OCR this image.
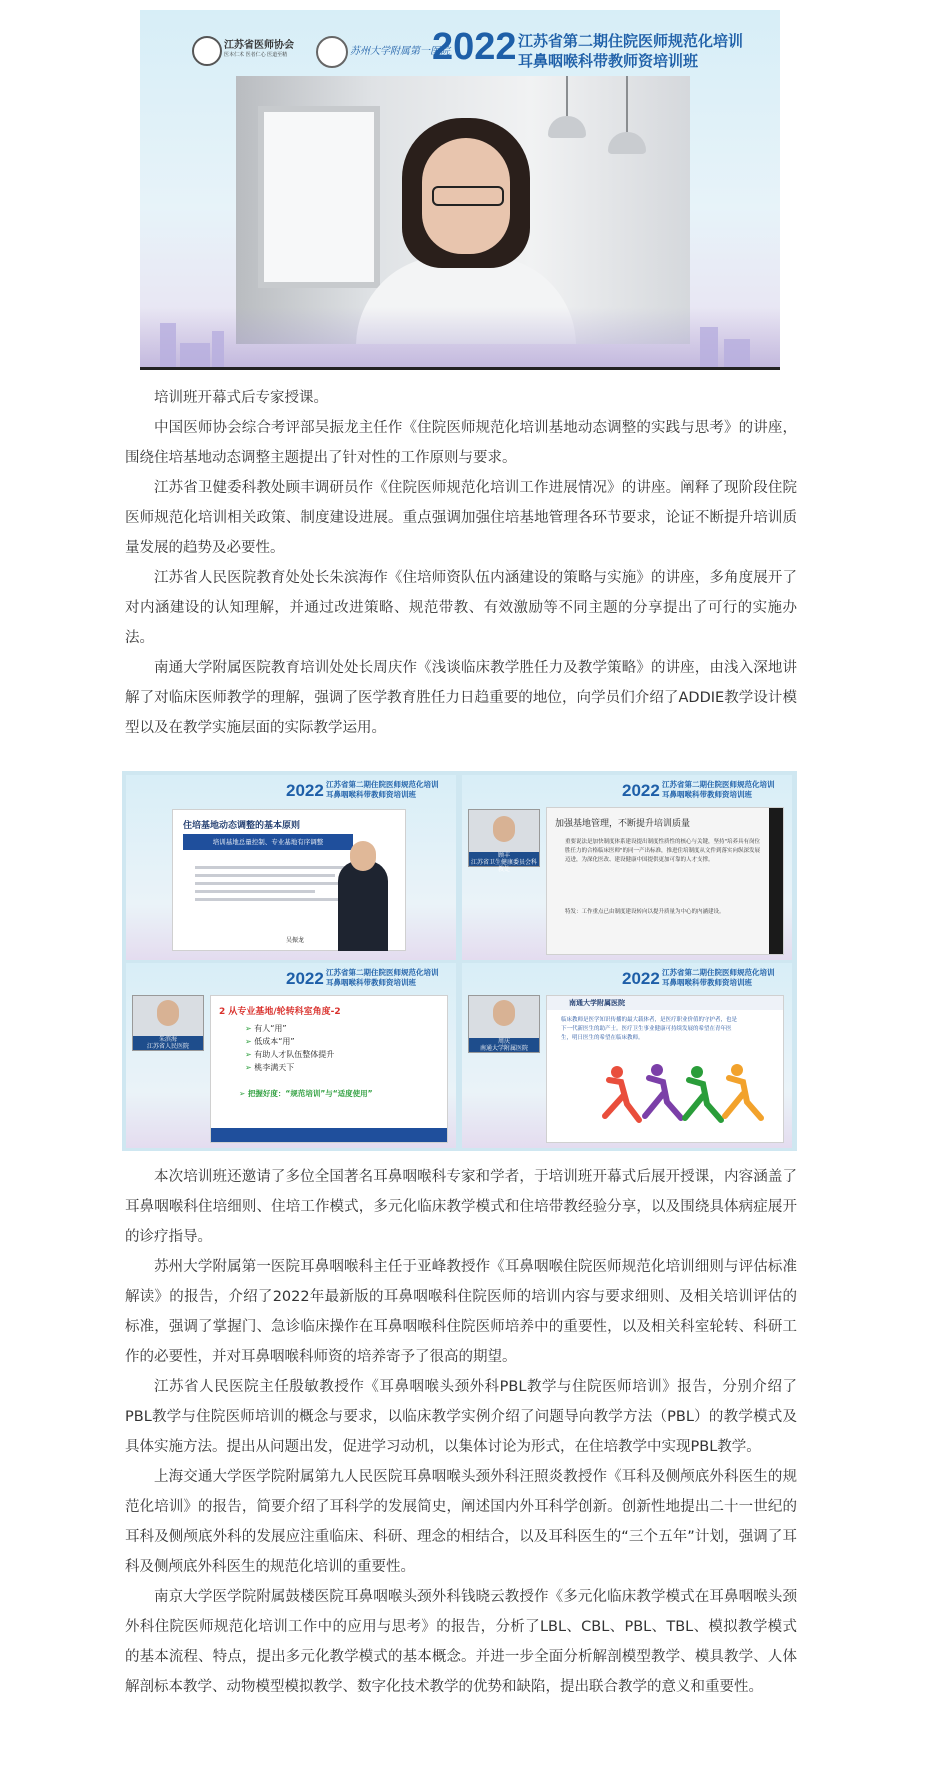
江苏省医师协会
医本仁术 医者仁心 医道至精	苏州大学附属第一医院
2022 江苏省第二期住院医师规范化培训
耳鼻咽喉科带教师资培训班

培训班开幕式后专家授课。

中国医师协会综合考评部吴振龙主任作《住院医师规范化培训基地动态调整的实践与思考》的讲座，围绕住培基地动态调整主题提出了针对性的工作原则与要求。

江苏省卫健委科教处顾丰调研员作《住院医师规范化培训工作进展情况》的讲座。阐释了现阶段住院医师规范化培训相关政策、制度建设进展。重点强调加强住培基地管理各环节要求，论证不断提升培训质量发展的趋势及必要性。

江苏省人民医院教育处处长朱滨海作《住培师资队伍内涵建设的策略与实施》的讲座，多角度展开了对内涵建设的认知理解，并通过改进策略、规范带教、有效激励等不同主题的分享提出了可行的实施办法。

南通大学附属医院教育培训处处长周庆作《浅谈临床教学胜任力及教学策略》的讲座，由浅入深地讲解了对临床医师教学的理解，强调了医学教育胜任力日趋重要的地位，向学员们介绍了ADDIE教学设计模型以及在教学实施层面的实际教学运用。

2022 江苏省第二期住院医师规范化培训
耳鼻咽喉科带教师资培训班
住培基地动态调整的基本原则
培训基地总量控制、专业基地有序调整
吴振龙
2022 江苏省第二期住院医师规范化培训
耳鼻咽喉科带教师资培训班
顾丰
江苏省卫生健康委员会科教处
加强基地管理，不断提升培训质量
重要说法是加快制度体系建设提出制度性质性的核心与关键，坚持"培养具有岗位胜任力的合格临床医师"的同一产出标准，推进住培制度从文件到落实向纵深发展迈进，为深化医改、建设健康中国提供更加可靠的人才支撑。
特发：工作重点已由制度建设转向以提升质量为中心的内涵建设。
2022 江苏省第二期住院医师规范化培训
耳鼻咽喉科带教师资培训班
朱滨海
江苏省人民医院
2 从专业基地/轮转科室角度-2
➢ 有人“用”
➢ 低成本“用”
➢ 有助人才队伍整体提升
➢ 桃李满天下
➢ 把握好度：“规范培训”与“适度使用”
2022 江苏省第二期住院医师规范化培训
耳鼻咽喉科带教师资培训班
周庆
南通大学附属医院
南通大学附属医院
临床教师是医学知识传播的最大载体者，是医疗职业价值的守护者，也是下一代新医生的助产士。医疗卫生事业健康可持续发展的希望在青年医生，明日医生的希望在临床教师。

本次培训班还邀请了多位全国著名耳鼻咽喉科专家和学者，于培训班开幕式后展开授课，内容涵盖了耳鼻咽喉科住培细则、住培工作模式，多元化临床教学模式和住培带教经验分享，以及围绕具体病症展开的诊疗指导。

苏州大学附属第一医院耳鼻咽喉科主任于亚峰教授作《耳鼻咽喉住院医师规范化培训细则与评估标准解读》的报告，介绍了2022年最新版的耳鼻咽喉科住院医师的培训内容与要求细则、及相关培训评估的标准，强调了掌握门、急诊临床操作在耳鼻咽喉科住院医师培养中的重要性，以及相关科室轮转、科研工作的必要性，并对耳鼻咽喉科师资的培养寄予了很高的期望。

江苏省人民医院主任殷敏教授作《耳鼻咽喉头颈外科PBL教学与住院医师培训》报告，分别介绍了PBL教学与住院医师培训的概念与要求，以临床教学实例介绍了问题导向教学方法（PBL）的教学模式及具体实施方法。提出从问题出发，促进学习动机，以集体讨论为形式，在住培教学中实现PBL教学。

上海交通大学医学院附属第九人民医院耳鼻咽喉头颈外科汪照炎教授作《耳科及侧颅底外科医生的规范化培训》的报告，简要介绍了耳科学的发展简史，阐述国内外耳科学创新。创新性地提出二十一世纪的耳科及侧颅底外科的发展应注重临床、科研、理念的相结合，以及耳科医生的“三个五年”计划，强调了耳科及侧颅底外科医生的规范化培训的重要性。

南京大学医学院附属鼓楼医院耳鼻咽喉头颈外科钱晓云教授作《多元化临床教学模式在耳鼻咽喉头颈外科住院医师规范化培训工作中的应用与思考》的报告，分析了LBL、CBL、PBL、TBL、模拟教学模式的基本流程、特点，提出多元化教学模式的基本概念。并进一步全面分析解剖模型教学、模具教学、人体解剖标本教学、动物模型模拟教学、数字化技术教学的优势和缺陷，提出联合教学的意义和重要性。
